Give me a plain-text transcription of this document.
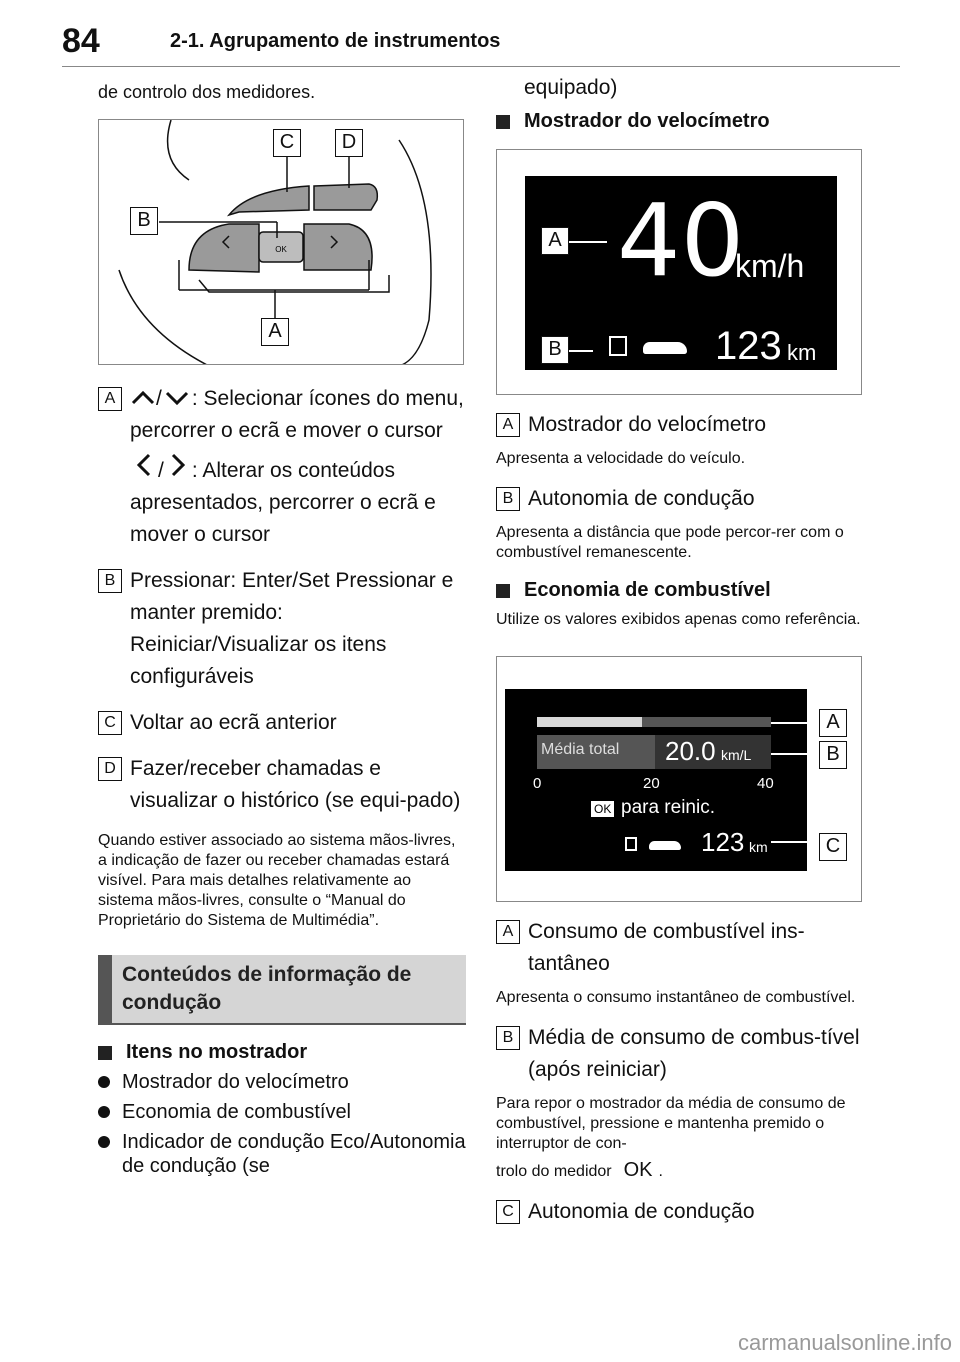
84	2-1. Agrupamento de instrumentos
de controlo dos medidores.
OK
C	D
B
A
A	/ : Selecionar ícones do menu, percorrer o ecrã e mover o cursor
/ : Alterar os conteúdos apresentados, percorrer o ecrã e mover o cursor
B Pressionar: Enter/Set Pressionar e manter premido: Reiniciar/Visualizar os itens configuráveis
C Voltar ao ecrã anterior
D Fazer/receber chamadas e visualizar o histórico (se equi-pado)
Quando estiver associado ao sistema mãos-livres, a indicação de fazer ou receber chamadas estará visível. Para mais detalhes relativamente ao sistema mãos-livres, consulte o “Manual do Proprietário do Sistema de Multimédia”.
Conteúdos de informação de condução
Itens no mostrador
Mostrador do velocímetro
Economia de combustível
Indicador de condução Eco/Autonomia de condução (se
equipado)
Mostrador do velocímetro
40
km/h
123 km
A
B
A Mostrador do velocímetro
Apresenta a velocidade do veículo.
B Autonomia de condução
Apresenta a distância que pode percor-rer com o combustível remanescente.
Economia de combustível
Utilize os valores exibidos apenas como referência.
Média total 20.0 km/L
0	20	40
OK para reinic.
123 km
A
B
C
A Consumo de combustível ins-tantâneo
Apresenta o consumo instantâneo de combustível.
B Média de consumo de combus-tível (após reiniciar)
Para repor o mostrador da média de consumo de combustível, pressione e mantenha premido o interruptor de con-
trolo do medidor OK .
C Autonomia de condução
carmanualsonline.info
